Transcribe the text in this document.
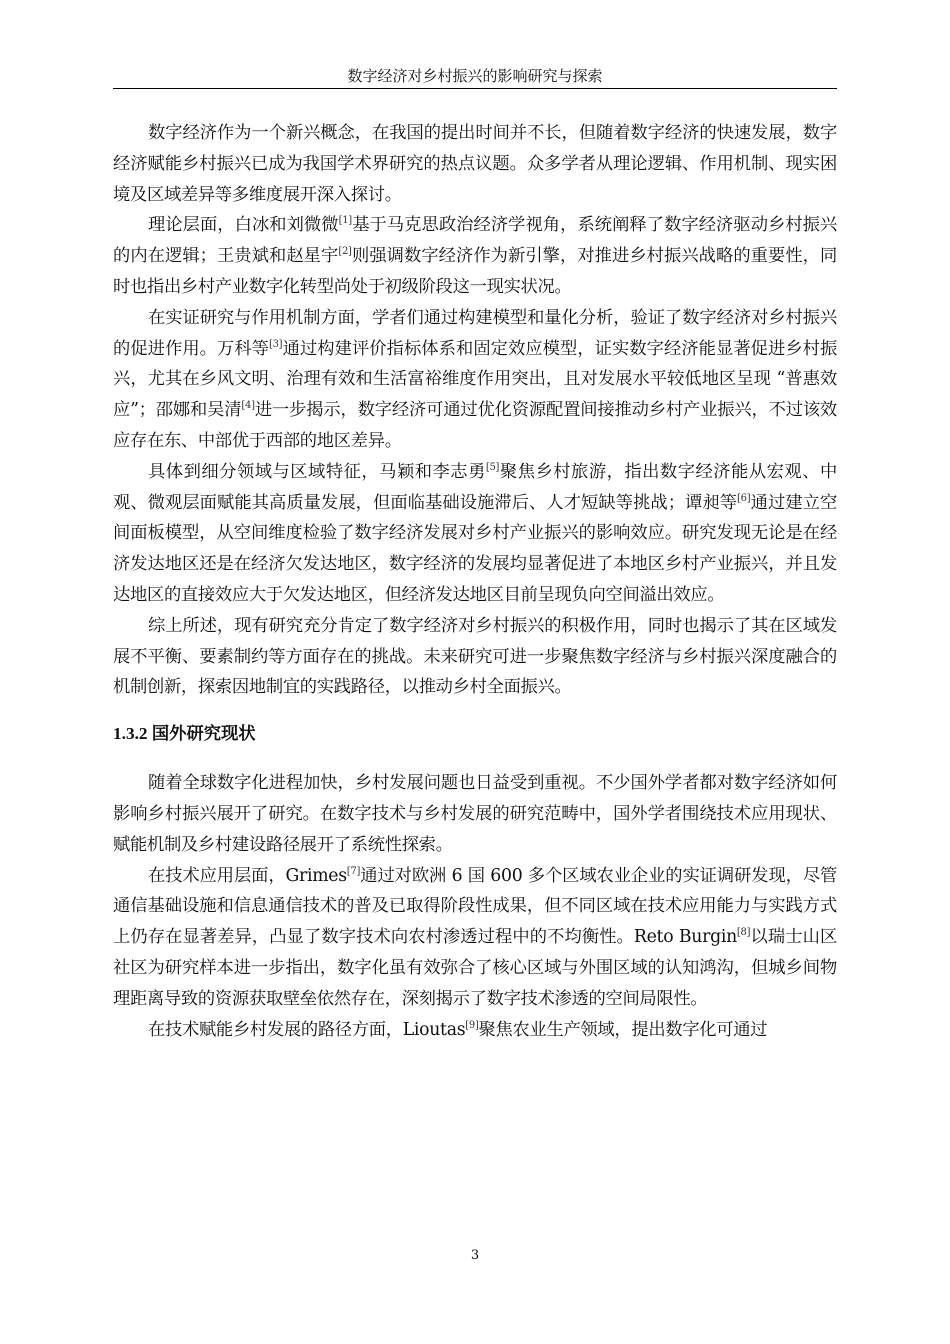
数字经济对乡村振兴的影响研究与探索

数字经济作为一个新兴概念，在我国的提出时间并不长，但随着数字经济的快速发展，数字经济赋能乡村振兴已成为我国学术界研究的热点议题。众多学者从理论逻辑、作用机制、现实困境及区域差异等多维度展开深入探讨。

理论层面，白冰和刘微微[1]基于马克思政治经济学视角，系统阐释了数字经济驱动乡村振兴的内在逻辑；王贵斌和赵星宇[2]则强调数字经济作为新引擎，对推进乡村振兴战略的重要性，同时也指出乡村产业数字化转型尚处于初级阶段这一现实状况。

在实证研究与作用机制方面，学者们通过构建模型和量化分析，验证了数字经济对乡村振兴的促进作用。万科等[3]通过构建评价指标体系和固定效应模型，证实数字经济能显著促进乡村振兴，尤其在乡风文明、治理有效和生活富裕维度作用突出，且对发展水平较低地区呈现 “普惠效应”；邵娜和吴清[4]进一步揭示，数字经济可通过优化资源配置间接推动乡村产业振兴，不过该效应存在东、中部优于西部的地区差异。

具体到细分领域与区域特征，马颖和李志勇[5]聚焦乡村旅游，指出数字经济能从宏观、中观、微观层面赋能其高质量发展，但面临基础设施滞后、人才短缺等挑战；谭昶等[6]通过建立空间面板模型，从空间维度检验了数字经济发展对乡村产业振兴的影响效应。研究发现无论是在经济发达地区还是在经济欠发达地区，数字经济的发展均显著促进了本地区乡村产业振兴，并且发达地区的直接效应大于欠发达地区，但经济发达地区目前呈现负向空间溢出效应。

综上所述，现有研究充分肯定了数字经济对乡村振兴的积极作用，同时也揭示了其在区域发展不平衡、要素制约等方面存在的挑战。未来研究可进一步聚焦数字经济与乡村振兴深度融合的机制创新，探索因地制宜的实践路径，以推动乡村全面振兴。

1.3.2 国外研究现状

随着全球数字化进程加快，乡村发展问题也日益受到重视。不少国外学者都对数字经济如何影响乡村振兴展开了研究。在数字技术与乡村发展的研究范畴中，国外学者围绕技术应用现状、赋能机制及乡村建设路径展开了系统性探索。

在技术应用层面，Grimes[7]通过对欧洲 6 国 600 多个区域农业企业的实证调研发现，尽管通信基础设施和信息通信技术的普及已取得阶段性成果，但不同区域在技术应用能力与实践方式上仍存在显著差异，凸显了数字技术向农村渗透过程中的不均衡性。Reto Burgin[8]以瑞士山区社区为研究样本进一步指出，数字化虽有效弥合了核心区域与外围区域的认知鸿沟，但城乡间物理距离导致的资源获取壁垒依然存在，深刻揭示了数字技术渗透的空间局限性。

在技术赋能乡村发展的路径方面，Lioutas[9]聚焦农业生产领域，提出数字化可通过

3
